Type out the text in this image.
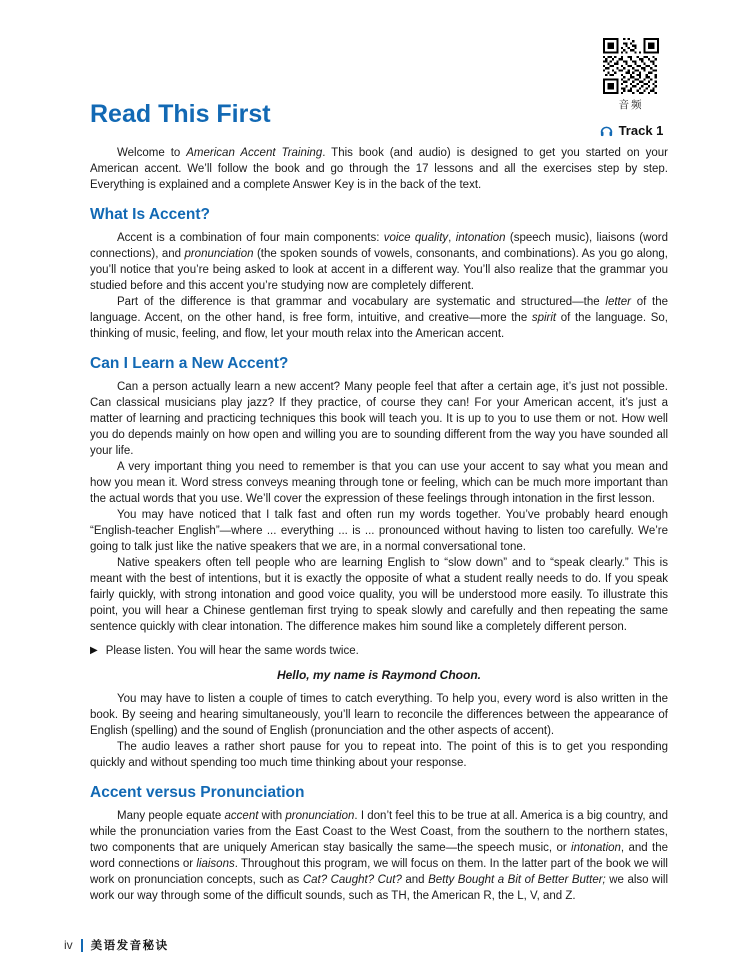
音频
Track 1
Read This First

Welcome to American Accent Training. This book (and audio) is designed to get you started on your American accent. We’ll follow the book and go through the 17 lessons and all the exercises step by step. Everything is explained and a complete Answer Key is in the back of the text.

What Is Accent?

Accent is a combination of four main components: voice quality, intonation (speech music), liaisons (word connections), and pronunciation (the spoken sounds of vowels, consonants, and combinations). As you go along, you’ll notice that you’re being asked to look at accent in a different way. You’ll also realize that the grammar you studied before and this accent you’re studying now are completely different.

Part of the difference is that grammar and vocabulary are systematic and structured—the letter of the language. Accent, on the other hand, is free form, intuitive, and creative—more the spirit of the language. So, thinking of music, feeling, and flow, let your mouth relax into the American accent.

Can I Learn a New Accent?

Can a person actually learn a new accent? Many people feel that after a certain age, it’s just not possible. Can classical musicians play jazz? If they practice, of course they can! For your American accent, it’s just a matter of learning and practicing techniques this book will teach you. It is up to you to use them or not. How well you do depends mainly on how open and willing you are to sounding different from the way you have sounded all your life.

A very important thing you need to remember is that you can use your accent to say what you mean and how you mean it. Word stress conveys meaning through tone or feeling, which can be much more important than the actual words that you use. We’ll cover the expression of these feelings through intonation in the first lesson.

You may have noticed that I talk fast and often run my words together. You’ve probably heard enough “English-teacher English”—where ... everything ... is ... pronounced without having to listen too carefully. We’re going to talk just like the native speakers that we are, in a normal conversational tone.

Native speakers often tell people who are learning English to “slow down” and to “speak clearly.” This is meant with the best of intentions, but it is exactly the opposite of what a student really needs to do. If you speak fairly quickly, with strong intonation and good voice quality, you will be understood more easily. To illustrate this point, you will hear a Chinese gentleman first trying to speak slowly and carefully and then repeating the same sentence quickly with clear intonation. The difference makes him sound like a completely different person.

▶ Please listen. You will hear the same words twice.

Hello, my name is Raymond Choon.

You may have to listen a couple of times to catch everything. To help you, every word is also written in the book. By seeing and hearing simultaneously, you’ll learn to reconcile the differences between the appearance of English (spelling) and the sound of English (pronunciation and the other aspects of accent).

The audio leaves a rather short pause for you to repeat into. The point of this is to get you responding quickly and without spending too much time thinking about your response.

Accent versus Pronunciation

Many people equate accent with pronunciation. I don’t feel this to be true at all. America is a big country, and while the pronunciation varies from the East Coast to the West Coast, from the southern to the northern states, two components that are uniquely American stay basically the same—the speech music, or intonation, and the word connections or liaisons. Throughout this program, we will focus on them. In the latter part of the book we will work on pronunciation concepts, such as Cat? Caught? Cut? and Betty Bought a Bit of Better Butter; we also will work our way through some of the difficult sounds, such as TH, the American R, the L, V, and Z.

iv 美语发音秘诀
